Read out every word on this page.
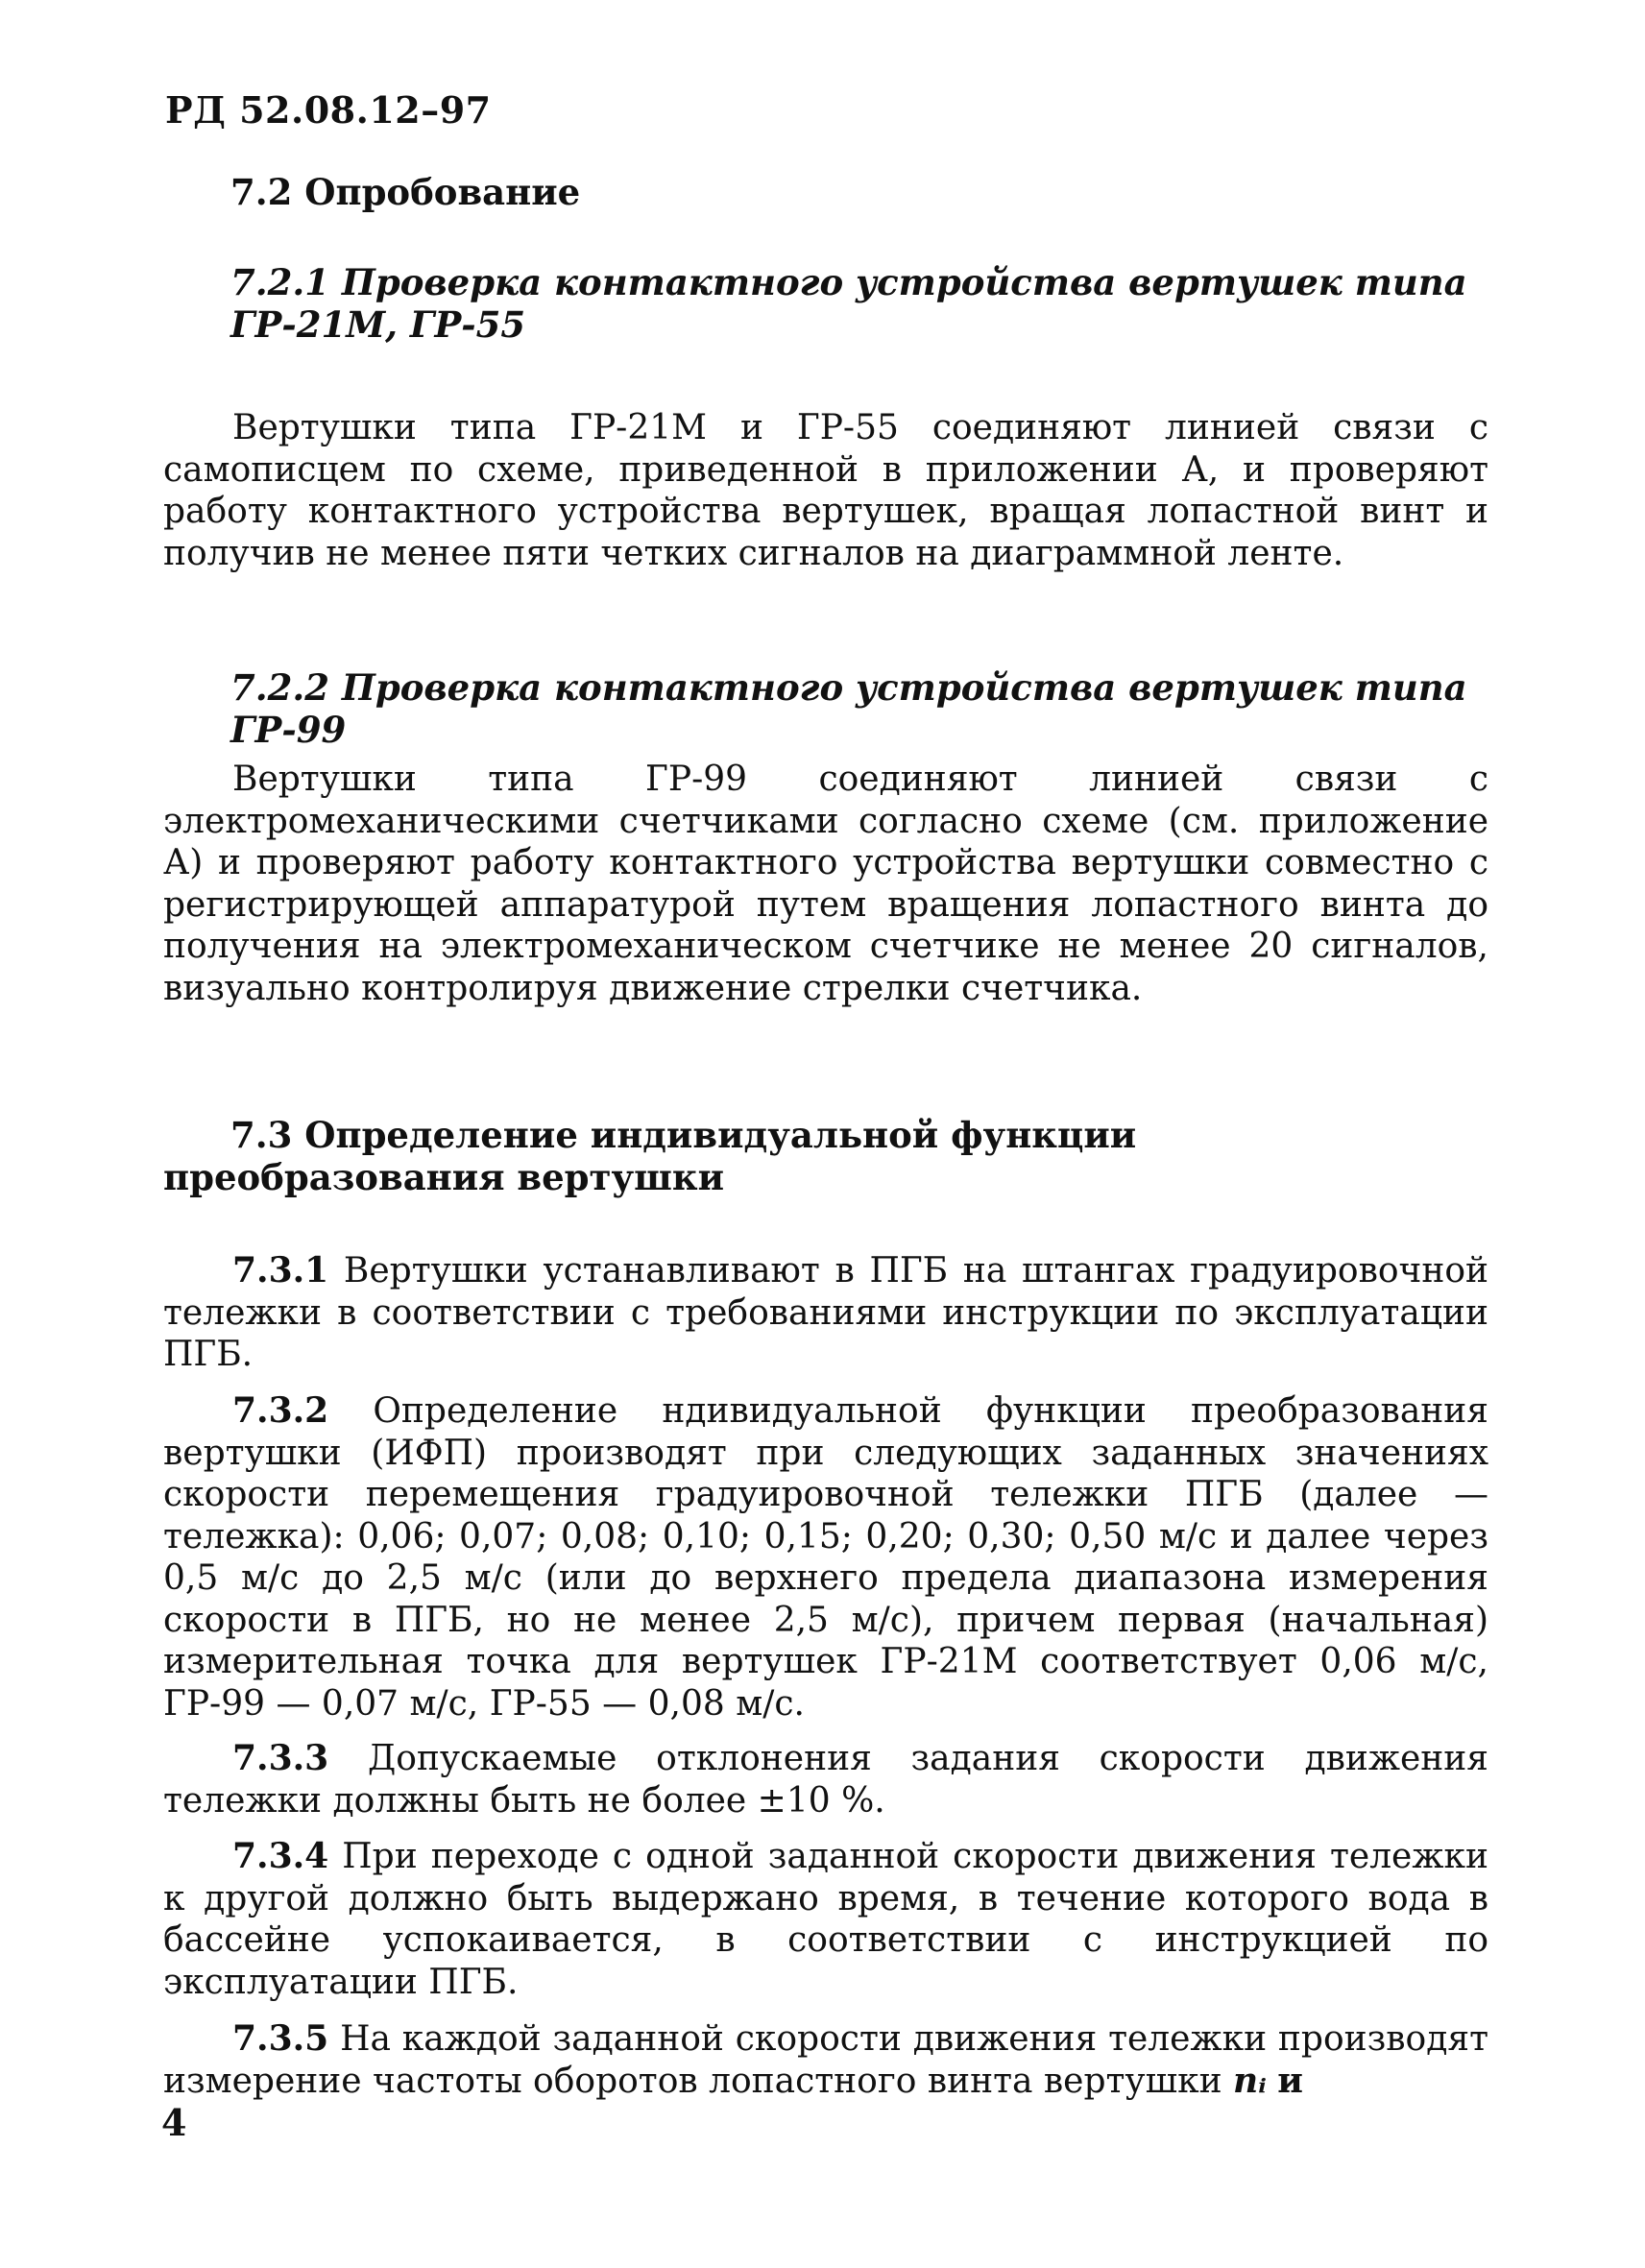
РД 52.08.12–97
7.2 Опробование
7.2.1 Проверка контактного устройства вертушек типа ГР-21М, ГР-55
Вертушки типа ГР-21М и ГР-55 соединяют линией связи с самописцем по схеме, приведенной в приложении А, и проверяют работу контактного устройства вертушек, вращая лопастной винт и получив не менее пяти четких сигналов на диаграммной ленте.
7.2.2 Проверка контактного устройства вертушек типа ГР-99
Вертушки типа ГР-99 соединяют линией связи с электромеханическими счетчиками согласно схеме (см. приложение А) и проверяют работу контактного устройства вертушки совместно с регистрирующей аппаратурой путем вращения лопастного винта до получения на электромеханическом счетчике не менее 20 сигналов, визуально контролируя движение стрелки счетчика.
7.3 Определение индивидуальной функции преобразования вертушки
7.3.1 Вертушки устанавливают в ПГБ на штангах градуировочной тележки в соответствии с требованиями инструкции по эксплуатации ПГБ.
7.3.2 Определение ндивидуальной функции преобразования вертушки (ИФП) производят при следующих заданных значениях скорости перемещения градуировочной тележки ПГБ (далее — тележка): 0,06; 0,07; 0,08; 0,10; 0,15; 0,20; 0,30; 0,50 м/с и далее через 0,5 м/с до 2,5 м/с (или до верхнего предела диапазона измерения скорости в ПГБ, но не менее 2,5 м/с), причем первая (начальная) измерительная точка для вертушек ГР-21М соответствует 0,06 м/с, ГР-99 — 0,07 м/с, ГР-55 — 0,08 м/с.
7.3.3 Допускаемые отклонения задания скорости движения тележки должны быть не более ±10 %.
7.3.4 При переходе с одной заданной скорости движения тележки к другой должно быть выдержано время, в течение которого вода в бассейне успокаивается, в соответствии с инструкцией по эксплуатации ПГБ.
7.3.5 На каждой заданной скорости движения тележки производят измерение частоты оборотов лопастного винта вертушки nᵢ и
4
